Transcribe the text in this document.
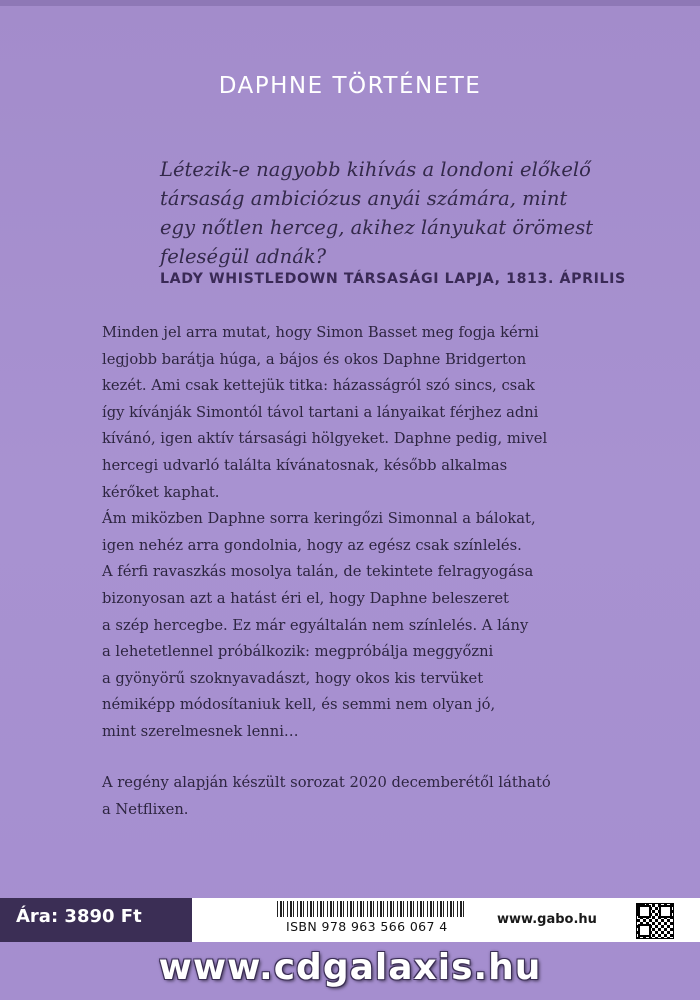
DAPHNE TÖRTÉNETE
Létezik-e nagyobb kihívás a londoni előkelő
társaság ambiciózus anyái számára, mint
egy nőtlen herceg, akihez lányukat örömest
feleségül adnák?
LADY WHISTLEDOWN TÁRSASÁGI LAPJA, 1813. ÁPRILIS
Minden jel arra mutat, hogy Simon Basset meg fogja kérni
legjobb barátja húga, a bájos és okos Daphne Bridgerton
kezét. Ami csak kettejük titka: házasságról szó sincs, csak
így kívánják Simontól távol tartani a lányaikat férjhez adni
kívánó, igen aktív társasági hölgyeket. Daphne pedig, mivel
hercegi udvarló találta kívánatosnak, később alkalmas
kérőket kaphat.
Ám miközben Daphne sorra keringőzi Simonnal a bálokat,
igen nehéz arra gondolnia, hogy az egész csak színlelés.
A férfi ravaszkás mosolya talán, de tekintete felragyogása
bizonyosan azt a hatást éri el, hogy Daphne beleszeret
a szép hercegbe. Ez már egyáltalán nem színlelés. A lány
a lehetetlennel próbálkozik: megpróbálja meggyőzni
a gyönyörű szoknyavadászt, hogy okos kis tervüket
némiképp módosítaniuk kell, és semmi nem olyan jó,
mint szerelmesnek lenni…
A regény alapján készült sorozat 2020 decemberétől látható
a Netflixen.
Ára: 3890 Ft	ISBN 978 963 566 067 4	www.gabo.hu
www.cdgalaxis.hu
